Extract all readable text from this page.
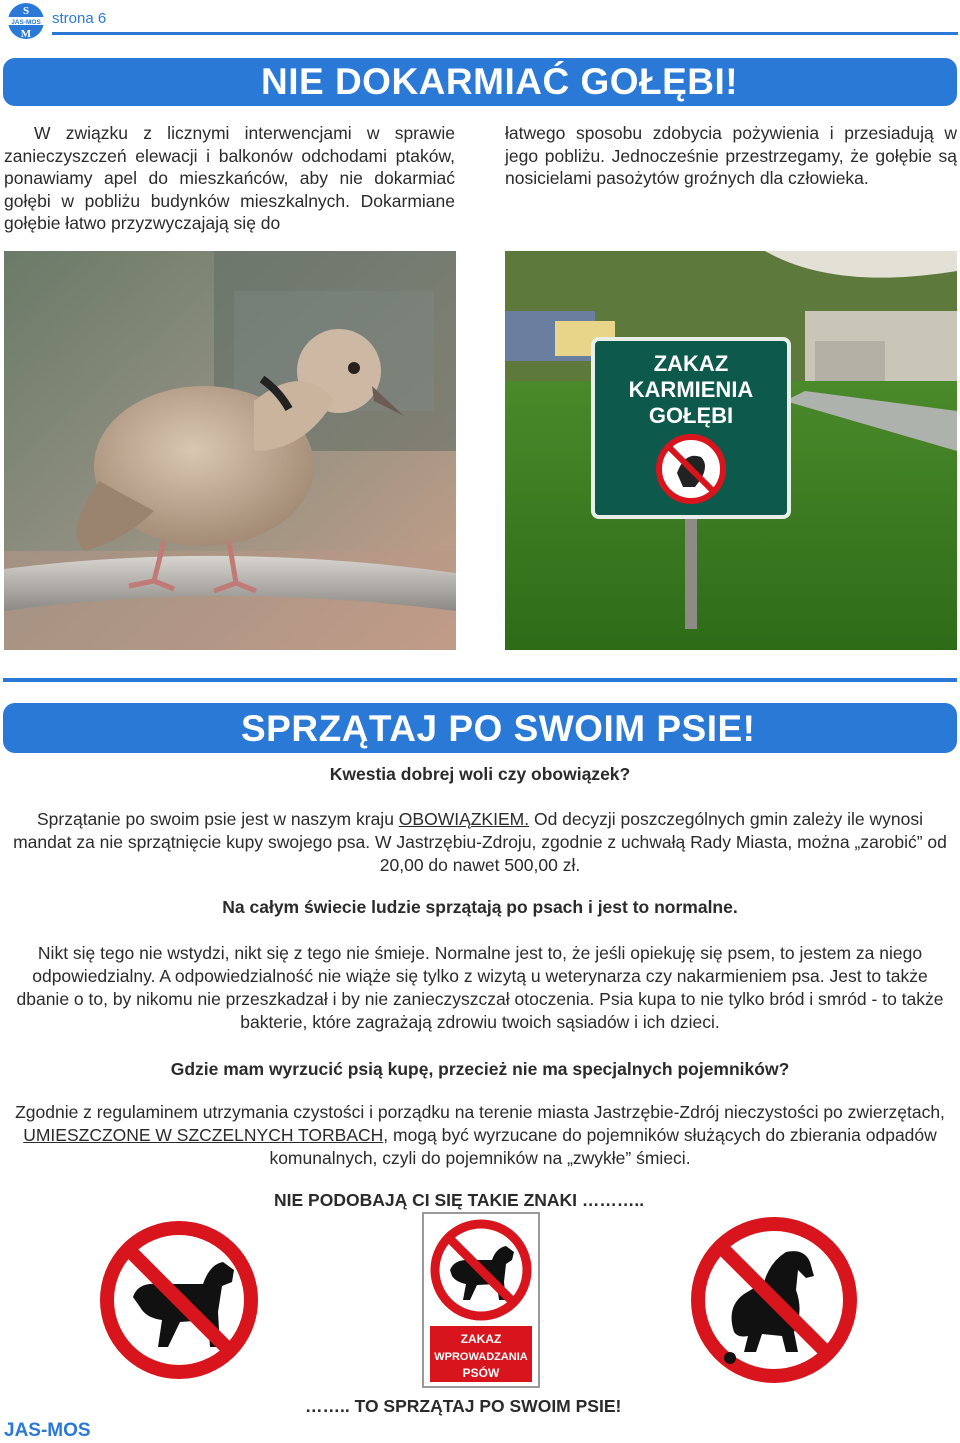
S
JAS-MOS
M
strona 6
NIE DOKARMIAĆ GOŁĘBI!
W związku z licznymi interwencjami w sprawie zanieczyszczeń elewacji i balkonów odchodami ptaków, ponawiamy apel do mieszkańców, aby nie dokarmiać gołębi w pobliżu budynków mieszkalnych. Dokarmiane gołębie łatwo przyzwyczajają się do
łatwego sposobu zdobycia pożywienia i przesiadują w jego pobliżu. Jednocześnie przestrzegamy, że gołębie są nosicielami pasożytów groźnych dla człowieka.
ZAKAZ
KARMIENIA
GOŁĘBI
SPRZĄTAJ PO SWOIM PSIE!
Kwestia dobrej woli czy obowiązek?
Sprzątanie po swoim psie jest w naszym kraju OBOWIĄZKIEM. Od decyzji poszczególnych gmin zależy ile wynosi mandat za nie sprzątnięcie kupy swojego psa. W Jastrzębiu-Zdroju, zgodnie z uchwałą Rady Miasta, można „zarobić” od 20,00 do nawet 500,00 zł.
Na całym świecie ludzie sprzątają po psach i jest to normalne.
Nikt się tego nie wstydzi, nikt się z tego nie śmieje. Normalne jest to, że jeśli opiekuję się psem, to jestem za niego odpowiedzialny. A odpowiedzialność nie wiąże się tylko z wizytą u weterynarza czy nakarmieniem psa. Jest to także dbanie o to, by nikomu nie przeszkadzał i by nie zanieczyszczał otoczenia. Psia kupa to nie tylko bród i smród - to także bakterie, które zagrażają zdrowiu twoich sąsiadów i ich dzieci.
Gdzie mam wyrzucić psią kupę, przecież nie ma specjalnych pojemników?
Zgodnie z regulaminem utrzymania czystości i porządku na terenie miasta Jastrzębie-Zdrój nieczystości po zwierzętach, UMIESZCZONE W SZCZELNYCH TORBACH, mogą być wyrzucane do pojemników służących do zbierania odpadów komunalnych, czyli do pojemników na „zwykłe” śmieci.
NIE PODOBAJĄ CI SIĘ TAKIE ZNAKI ………..
ZAKAZ
WPROWADZANIA
PSÓW
…….. TO SPRZĄTAJ PO SWOIM PSIE!
JAS-MOS
